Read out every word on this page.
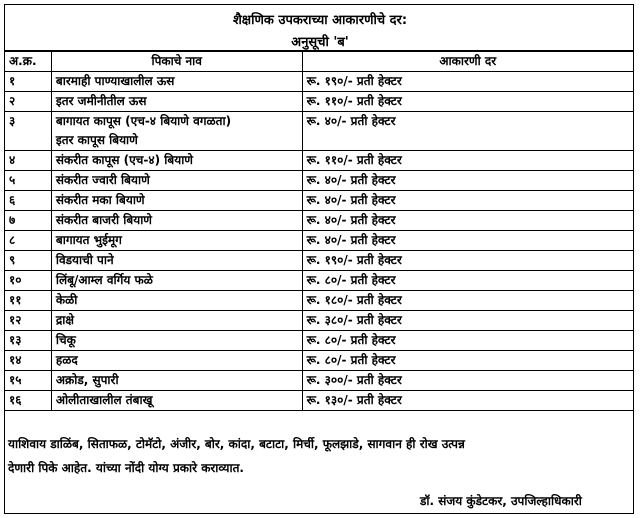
शैक्षणिक उपकराच्या आकारणीचे दर:
अनुसूची 'ब'
अ.क्र.	पिकाचे नाव	आकारणी दर
१	बारमाही पाण्याखालील ऊस	रू. १९०/- प्रती हेक्टर
२	इतर जमीनीतील ऊस	रू. ११०/- प्रती हेक्टर
३	बागायत कापूस (एच-४ बियाणे वगळता)
इतर कापूस बियाणे	रू. ४०/- प्रती हेक्टर
४	संकरीत कापूस (एच-४) बियाणे	रू. ११०/- प्रती हेक्टर
५	संकरीत ज्वारी बियाणे	रू. ४०/- प्रती हेक्टर
६	संकरीत मका बियाणे	रू. ४०/- प्रती हेक्टर
७	संकरीत बाजरी बियाणे	रू. ४०/- प्रती हेक्टर
८	बागायत भुईमूग	रू. ४०/- प्रती हेक्टर
९	विडयाची पाने	रू. १९०/- प्रती हेक्टर
१०	लिंबू/आम्ल वर्गिय फळे	रू. ८०/- प्रती हेक्टर
११	केळी	रू. १८०/- प्रती हेक्टर
१२	द्राक्षे	रू. ३८०/- प्रती हेक्टर
१३	चिकू	रू. ८०/- प्रती हेक्टर
१४	हळद	रू. ८०/- प्रती हेक्टर
१५	अक्रोड, सुपारी	रू. ३००/- प्रती हेक्टर
१६	ओलीताखालील तंबाखू	रू. १३०/- प्रती हेक्टर
याशिवाय डाळिंब, सिताफळ, टोमॅटो, अंजीर, बोर, कांदा, बटाटा, मिर्ची, फूलझाडे, सागवान ही रोख उत्पन्न
देणारी पिके आहेत. यांच्या नोंदी योग्य प्रकारे कराव्यात.
डॉ. संजय कुंडेटकर, उपजिल्हाधिकारी
